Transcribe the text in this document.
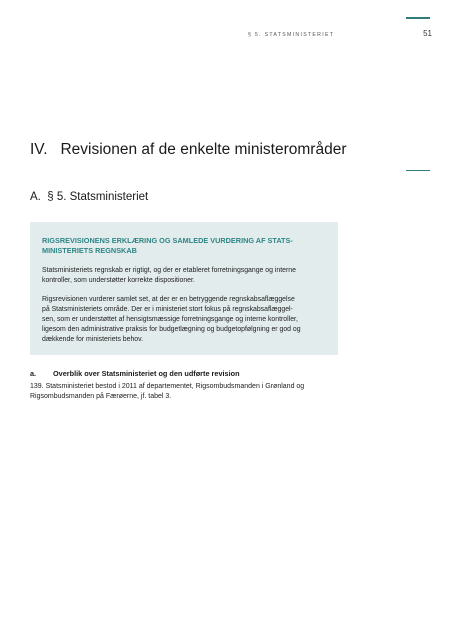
§ 5. STATSMINISTERIET	51
IV.   Revisionen af de enkelte ministerområder
A.  § 5. Statsministeriet
RIGSREVISIONENS ERKLÆRING OG SAMLEDE VURDERING AF STATS-
MINISTERIETS REGNSKAB

Statsministeriets regnskab er rigtigt, og der er etableret forretningsgange og interne
kontroller, som understøtter korrekte dispositioner.

Rigsrevisionen vurderer samlet set, at der er en betryggende regnskabsaflæggelse
på Statsministeriets område. Der er i ministeriet stort fokus på regnskabsaflæggel-
sen, som er understøttet af hensigtsmæssige forretningsgange og interne kontroller,
ligesom den administrative praksis for budgetlægning og budgetopfølgning er god og
dækkende for ministeriets behov.

a.	Overblik over Statsministeriet og den udførte revision

139. Statsministeriet bestod i 2011 af departementet, Rigsombudsmanden i Grønland og
Rigsombudsmanden på Færøerne, jf. tabel 3.
